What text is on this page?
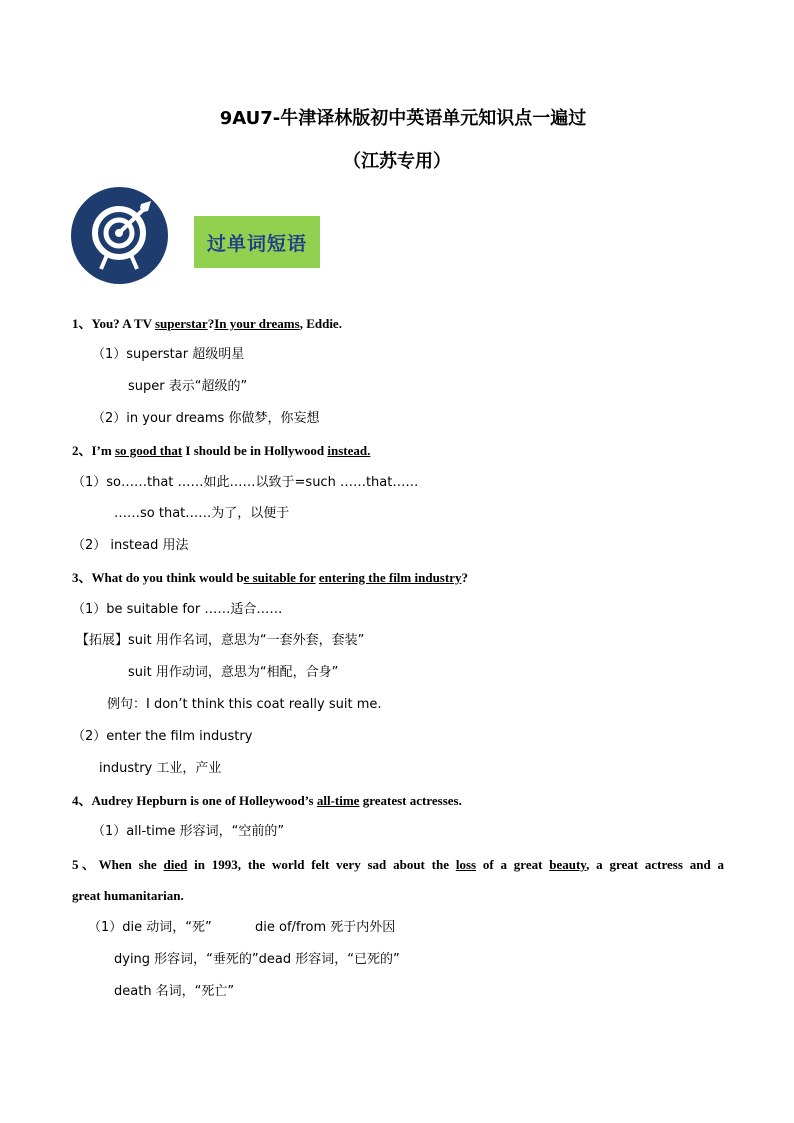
9AU7-牛津译林版初中英语单元知识点一遍过
（江苏专用）
过单词短语
1、You? A TV superstar?In your dreams, Eddie.
（1）superstar 超级明星
super 表示“超级的”
（2）in your dreams 你做梦，你妄想
2、I’m so good that I should be in Hollywood instead.
（1）so……that ……如此……以致于=such ……that……
……so that……为了，以便于
（2） instead 用法
3、What do you think would be suitable for entering the film industry?
（1）be suitable for ……适合……
【拓展】suit 用作名词，意思为“一套外套，套装”
suit 用作动词，意思为“相配，合身”
例句：I don’t think this coat really suit me.
（2）enter the film industry
industry 工业，产业
4、Audrey Hepburn is one of Holleywood’s all-time greatest actresses.
（1）all-time 形容词，“空前的”
5、When she died in 1993, the world felt very sad about the loss of a great beauty, a great actress and a
great humanitarian.
（1）die 动词，“死”	die of/from 死于内外因
dying 形容词，“垂死的”dead 形容词，“已死的”
death 名词，“死亡”
